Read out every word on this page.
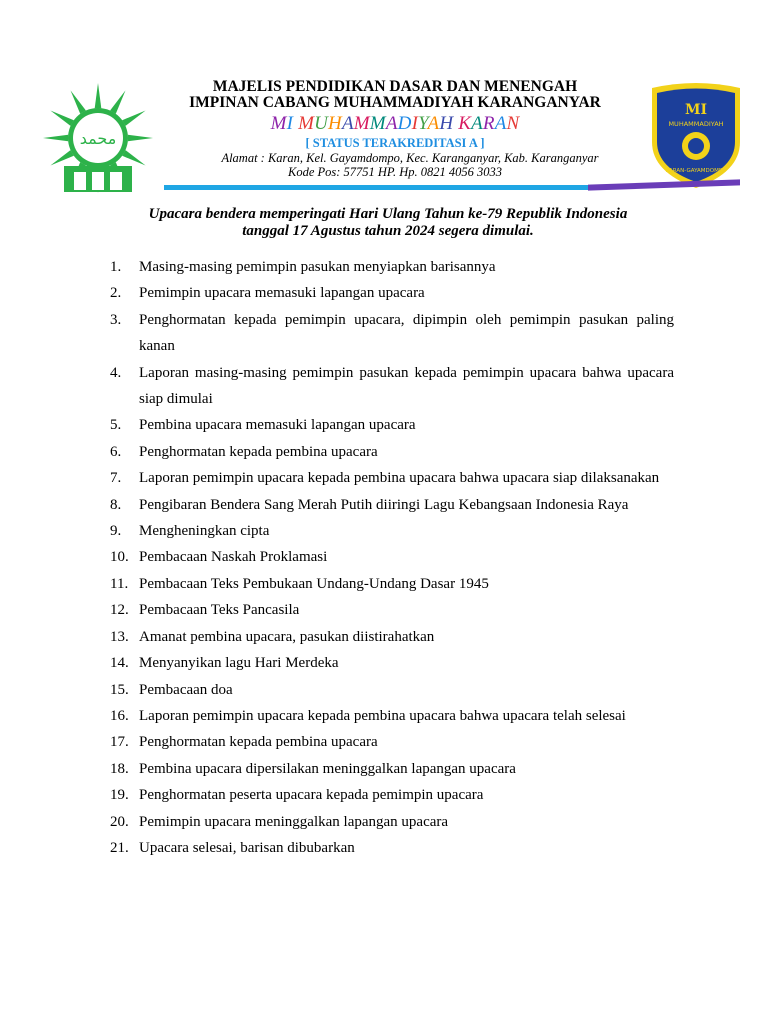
محمد
MI
MUHAMMADIYAH
KARAN-GAYAMDOMPO
MAJELIS PENDIDIKAN DASAR DAN MENENGAH
IMPINAN CABANG MUHAMMADIYAH KARANGANYAR
MI MUHAMMADIYAH KARAN
[ STATUS TERAKREDITASI A ]
Alamat : Karan, Kel. Gayamdompo, Kec. Karanganyar, Kab. Karanganyar
Kode Pos: 57751 HP. Hp. 0821 4056 3033
Upacara bendera memperingati Hari Ulang Tahun ke-79 Republik Indonesia
tanggal 17 Agustus tahun 2024 segera dimulai.
1.	Masing-masing pemimpin pasukan menyiapkan barisannya
2.	Pemimpin upacara memasuki lapangan upacara
3.	Penghormatan kepada pemimpin upacara, dipimpin oleh pemimpin pasukan paling kanan
4.	Laporan masing-masing pemimpin pasukan kepada pemimpin upacara bahwa upacara siap dimulai
5.	Pembina upacara memasuki lapangan upacara
6.	Penghormatan kepada pembina upacara
7.	Laporan pemimpin upacara kepada pembina upacara bahwa upacara siap dilaksanakan
8.	Pengibaran Bendera Sang Merah Putih diiringi Lagu Kebangsaan Indonesia Raya
9.	Mengheningkan cipta
10. Pembacaan Naskah Proklamasi
11. Pembacaan Teks Pembukaan Undang-Undang Dasar 1945
12. Pembacaan Teks Pancasila
13. Amanat pembina upacara, pasukan diistirahatkan
14. Menyanyikan lagu Hari Merdeka
15. Pembacaan doa
16. Laporan pemimpin upacara kepada pembina upacara bahwa upacara telah selesai
17. Penghormatan kepada pembina upacara
18. Pembina upacara dipersilakan meninggalkan lapangan upacara
19. Penghormatan peserta upacara kepada pemimpin upacara
20. Pemimpin upacara meninggalkan lapangan upacara
21. Upacara selesai, barisan dibubarkan
